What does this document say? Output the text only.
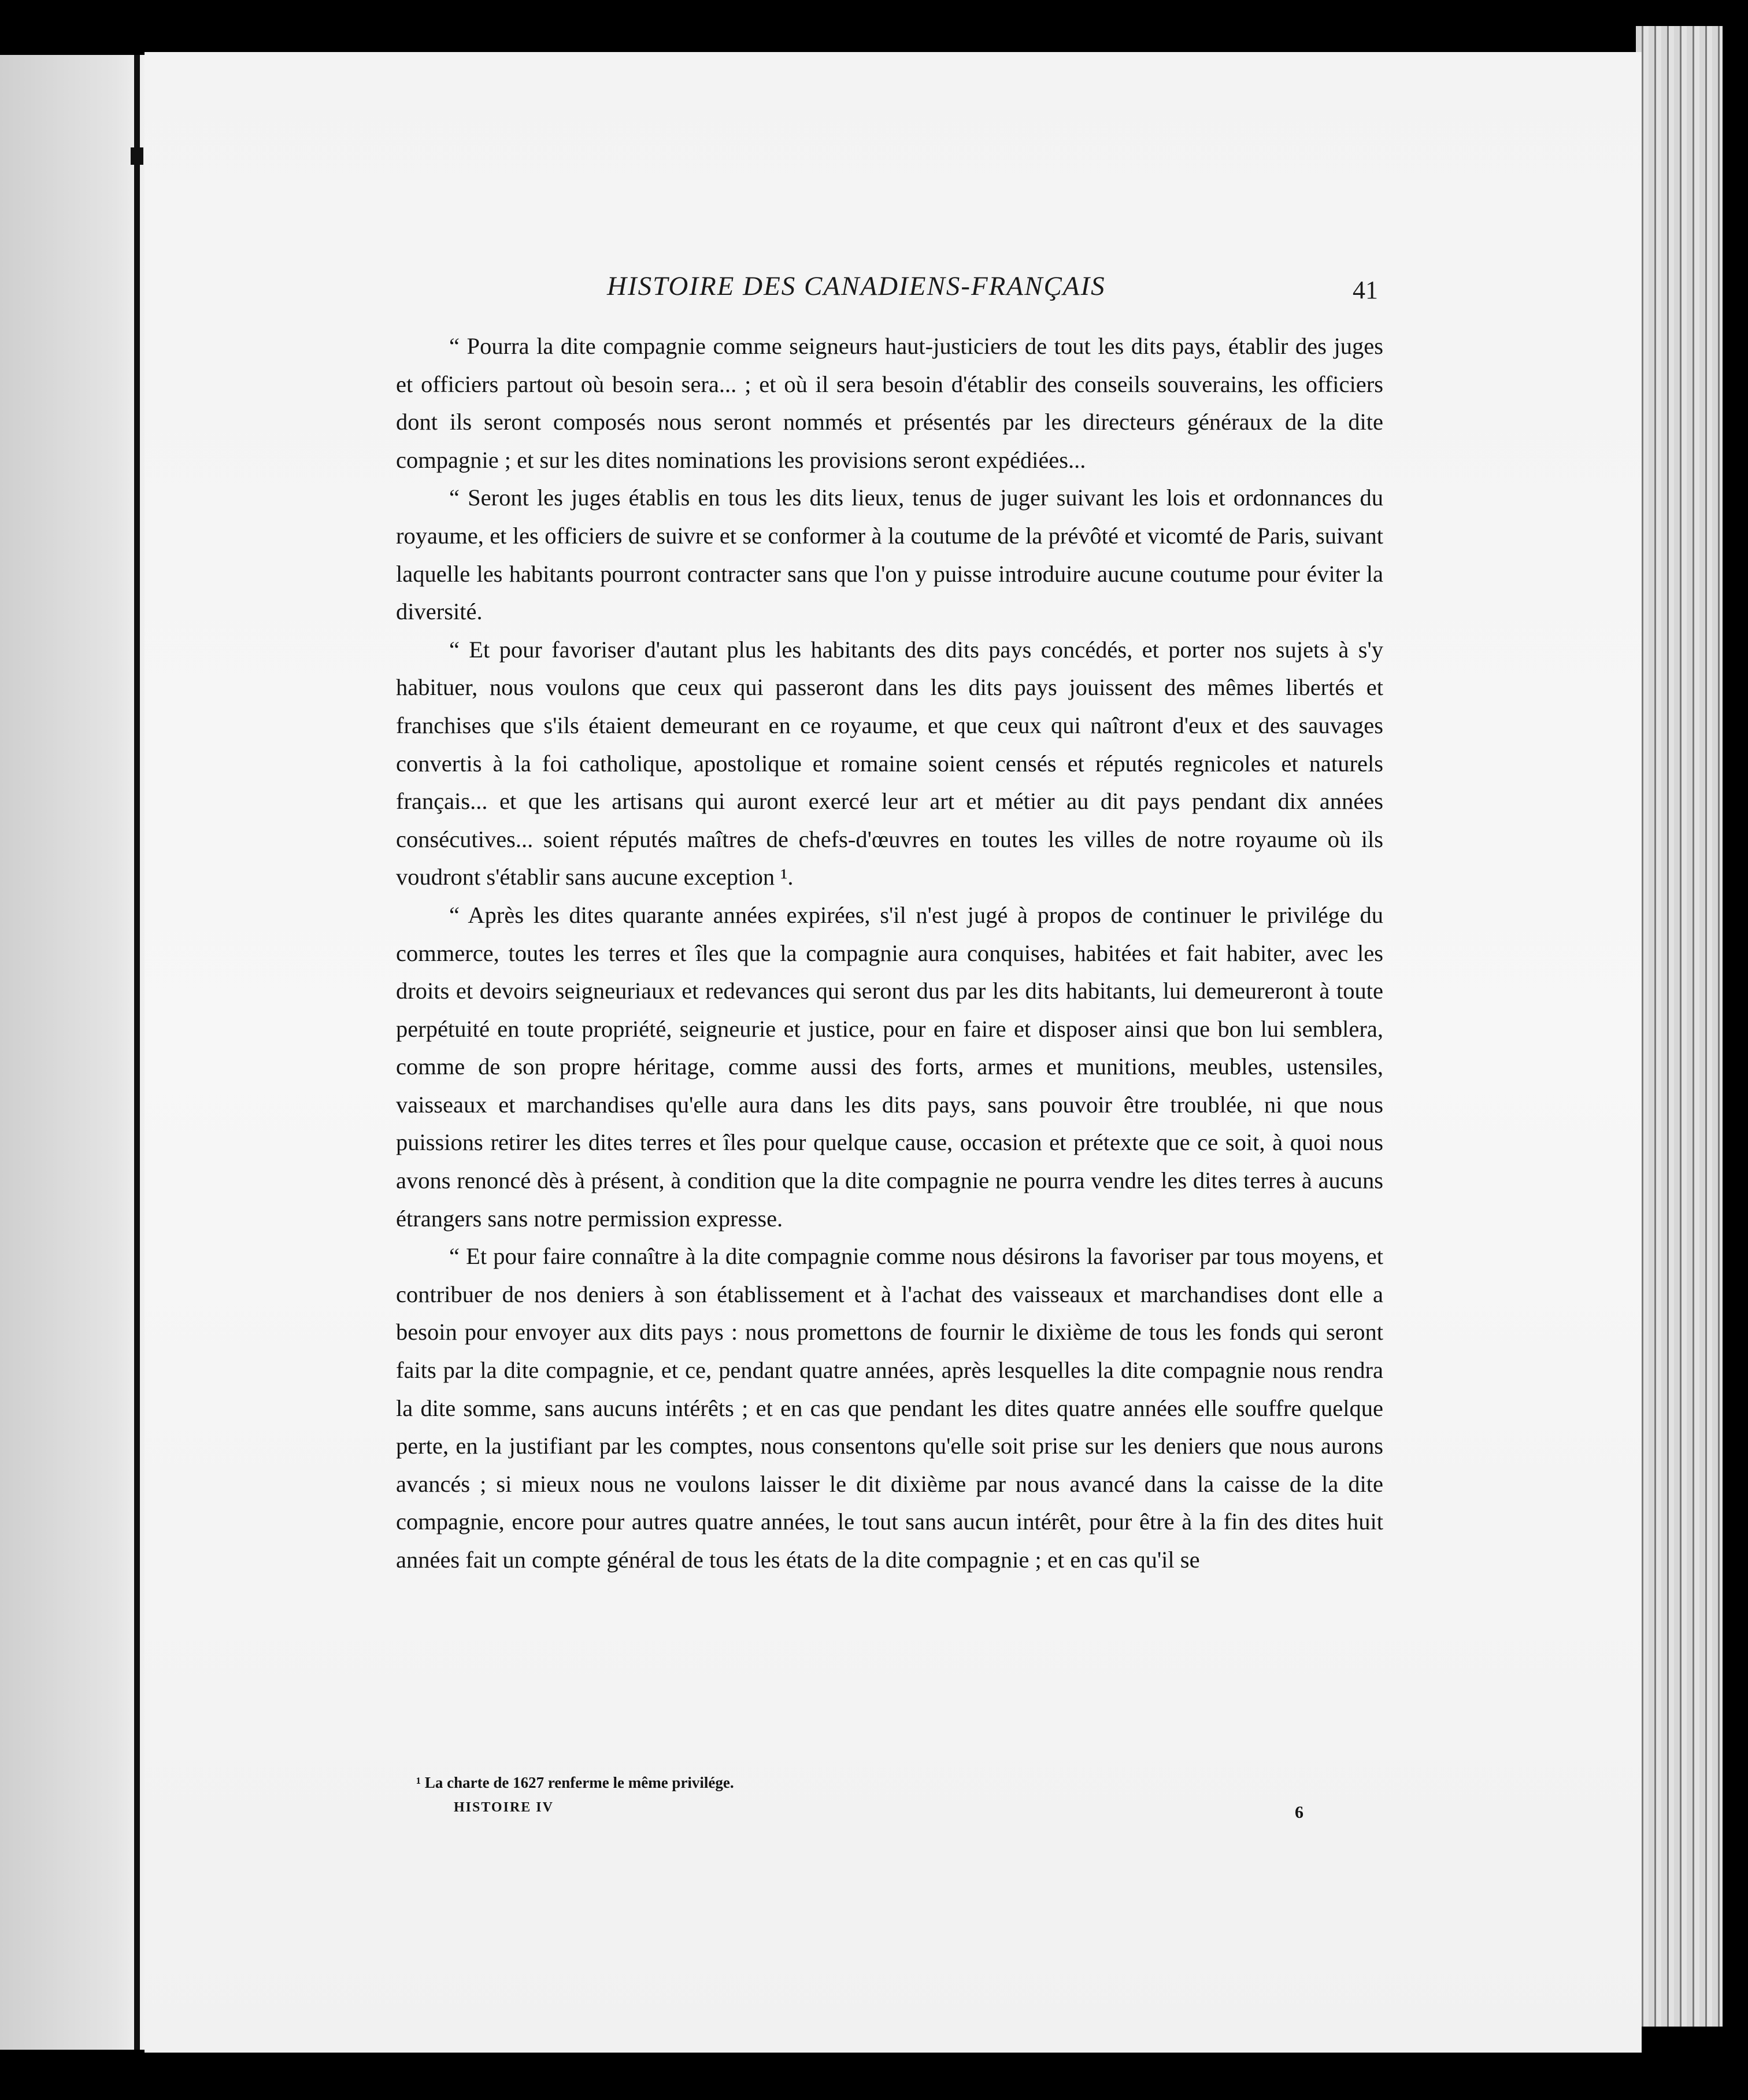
HISTOIRE DES CANADIENS-FRANÇAIS	41

“ Pourra la dite compagnie comme seigneurs haut-justiciers de tout les dits pays, établir des juges et officiers partout où besoin sera... ; et où il sera besoin d'établir des conseils souverains, les officiers dont ils seront composés nous seront nommés et présentés par les directeurs généraux de la dite compagnie ; et sur les dites nominations les provisions seront expédiées...

“ Seront les juges établis en tous les dits lieux, tenus de juger suivant les lois et ordonnances du royaume, et les officiers de suivre et se conformer à la coutume de la prévôté et vicomté de Paris, suivant laquelle les habitants pourront contracter sans que l'on y puisse introduire aucune coutume pour éviter la diversité.

“ Et pour favoriser d'autant plus les habitants des dits pays concédés, et porter nos sujets à s'y habituer, nous voulons que ceux qui passeront dans les dits pays jouissent des mêmes libertés et franchises que s'ils étaient demeurant en ce royaume, et que ceux qui naîtront d'eux et des sauvages convertis à la foi catholique, apostolique et romaine soient censés et réputés regnicoles et naturels français... et que les artisans qui auront exercé leur art et métier au dit pays pendant dix années consécutives... soient réputés maîtres de chefs-d'œuvres en toutes les villes de notre royaume où ils voudront s'établir sans aucune exception ¹.

“ Après les dites quarante années expirées, s'il n'est jugé à propos de continuer le privilége du commerce, toutes les terres et îles que la compagnie aura conquises, habitées et fait habiter, avec les droits et devoirs seigneuriaux et redevances qui seront dus par les dits habitants, lui demeureront à toute perpétuité en toute propriété, seigneurie et justice, pour en faire et disposer ainsi que bon lui semblera, comme de son propre héritage, comme aussi des forts, armes et munitions, meubles, ustensiles, vaisseaux et marchandises qu'elle aura dans les dits pays, sans pouvoir être troublée, ni que nous puissions retirer les dites terres et îles pour quelque cause, occasion et prétexte que ce soit, à quoi nous avons renoncé dès à présent, à condition que la dite compagnie ne pourra vendre les dites terres à aucuns étrangers sans notre permission expresse.

“ Et pour faire connaître à la dite compagnie comme nous désirons la favoriser par tous moyens, et contribuer de nos deniers à son établissement et à l'achat des vaisseaux et marchandises dont elle a besoin pour envoyer aux dits pays : nous promettons de fournir le dixième de tous les fonds qui seront faits par la dite compagnie, et ce, pendant quatre années, après lesquelles la dite compagnie nous rendra la dite somme, sans aucuns intérêts ; et en cas que pendant les dites quatre années elle souffre quelque perte, en la justifiant par les comptes, nous consentons qu'elle soit prise sur les deniers que nous aurons avancés ; si mieux nous ne voulons laisser le dit dixième par nous avancé dans la caisse de la dite compagnie, encore pour autres quatre années, le tout sans aucun intérêt, pour être à la fin des dites huit années fait un compte général de tous les états de la dite compagnie ; et en cas qu'il se

¹ La charte de 1627 renferme le même privilége.
HISTOIRE IV	6
